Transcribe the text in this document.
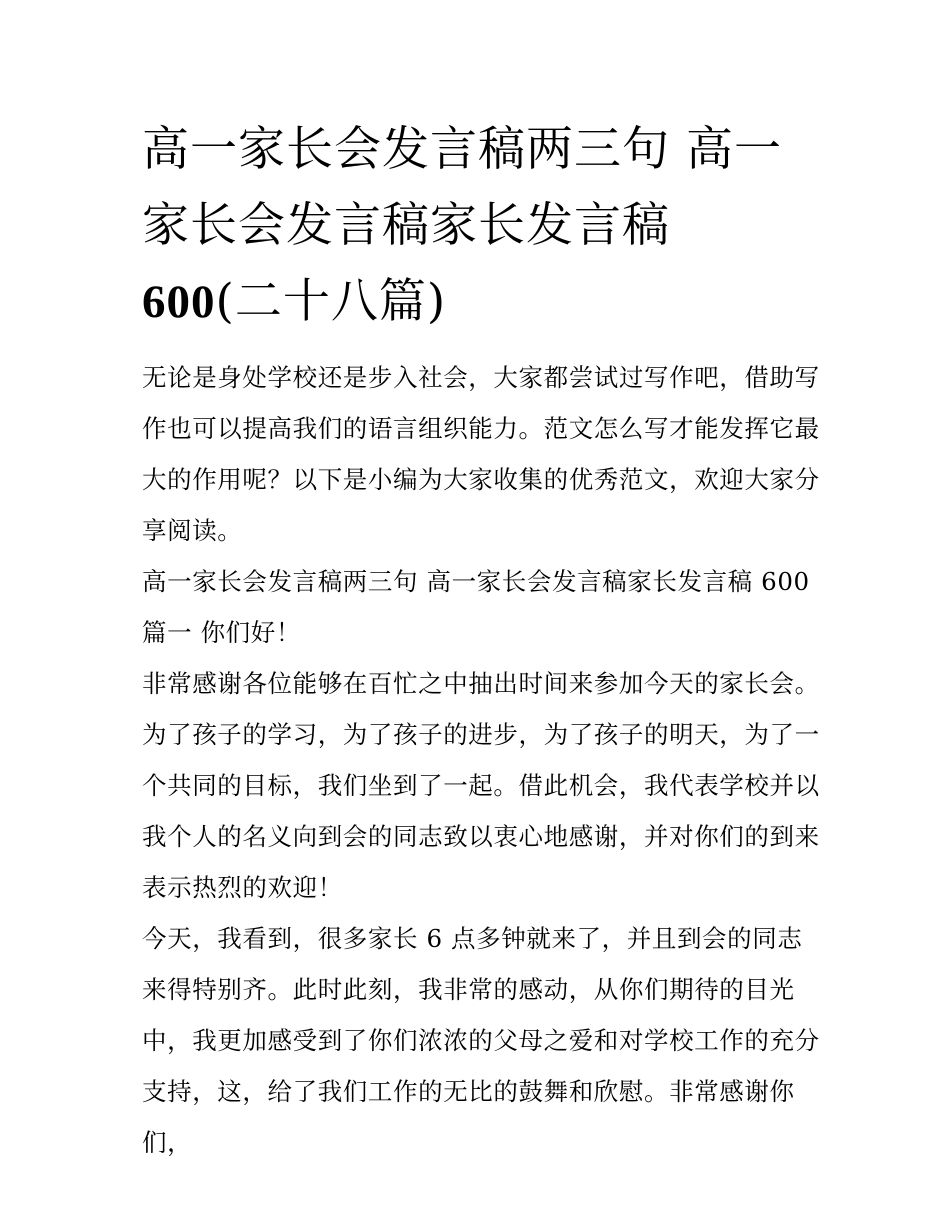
高一家长会发言稿两三句 高一家长会发言稿家长发言稿
600(二十八篇)

无论是身处学校还是步入社会，大家都尝试过写作吧，借助写作也可以提高我们的语言组织能力。范文怎么写才能发挥它最大的作用呢？以下是小编为大家收集的优秀范文，欢迎大家分享阅读。

高一家长会发言稿两三句 高一家长会发言稿家长发言稿 600 篇一 你们好！

非常感谢各位能够在百忙之中抽出时间来参加今天的家长会。为了孩子的学习，为了孩子的进步，为了孩子的明天，为了一个共同的目标，我们坐到了一起。借此机会，我代表学校并以我个人的名义向到会的同志致以衷心地感谢，并对你们的到来表示热烈的欢迎！

今天，我看到，很多家长 6 点多钟就来了，并且到会的同志来得特别齐。此时此刻，我非常的感动，从你们期待的目光中，我更加感受到了你们浓浓的父母之爱和对学校工作的充分支持，这，给了我们工作的无比的鼓舞和欣慰。非常感谢你们，
